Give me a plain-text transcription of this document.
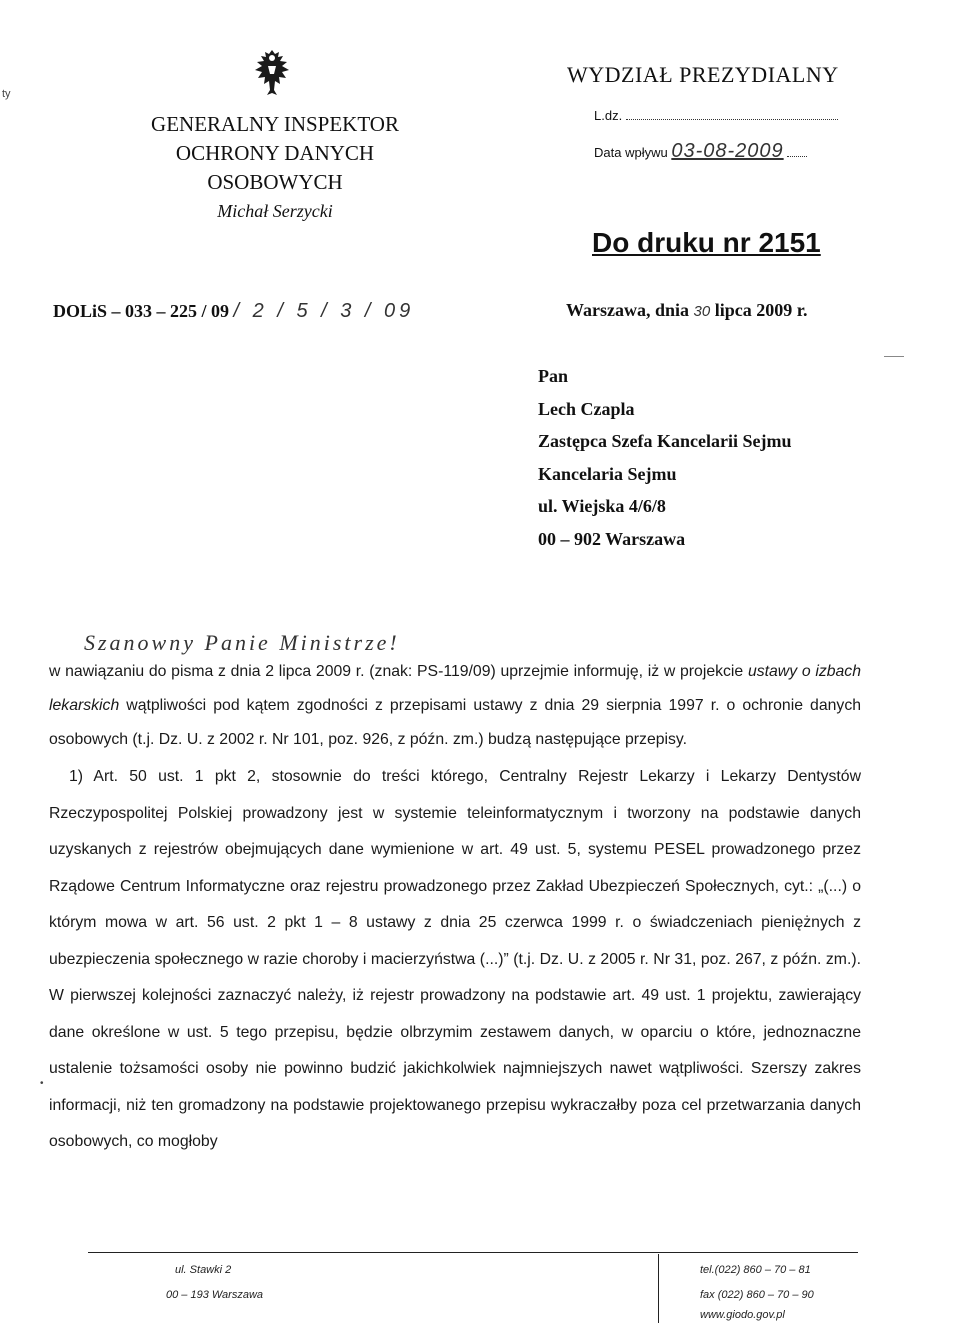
GENERALNY INSPEKTOR
OCHRONY DANYCH
OSOBOWYCH
Michał Serzycki
WYDZIAŁ PREZYDIALNY
L.dz.
Data wpływu 03-08-2009
Do druku nr 2151
DOLiS – 033 – 225 / 09 / 2 / 5 / 3 / 09	Warszawa, dnia 30 lipca 2009 r.
Pan
Lech Czapla
Zastępca Szefa Kancelarii Sejmu
Kancelaria Sejmu
ul. Wiejska 4/6/8
00 – 902 Warszawa
Szanowny Panie Ministrze!

w nawiązaniu do pisma z dnia 2 lipca 2009 r. (znak: PS-119/09) uprzejmie informuję, iż w projekcie ustawy o izbach lekarskich wątpliwości pod kątem zgodności z przepisami ustawy z dnia 29 sierpnia 1997 r. o ochronie danych osobowych (t.j. Dz. U. z 2002 r. Nr 101, poz. 926, z późn. zm.) budzą następujące przepisy.

1) Art. 50 ust. 1 pkt 2, stosownie do treści którego, Centralny Rejestr Lekarzy i Lekarzy Dentystów Rzeczypospolitej Polskiej prowadzony jest w systemie teleinformatycznym i tworzony na podstawie danych uzyskanych z rejestrów obejmujących dane wymienione w art. 49 ust. 5, systemu PESEL prowadzonego przez Rządowe Centrum Informatyczne oraz rejestru prowadzonego przez Zakład Ubezpieczeń Społecznych, cyt.: „(...) o którym mowa w art. 56 ust. 2 pkt 1 – 8 ustawy z dnia 25 czerwca 1999 r. o świadczeniach pieniężnych z ubezpieczenia społecznego w razie choroby i macierzyństwa (...)” (t.j. Dz. U. z 2005 r. Nr 31, poz. 267, z późn. zm.). W pierwszej kolejności zaznaczyć należy, iż rejestr prowadzony na podstawie art. 49 ust. 1 projektu, zawierający dane określone w ust. 5 tego przepisu, będzie olbrzymim zestawem danych, w oparciu o które, jednoznaczne ustalenie tożsamości osoby nie powinno budzić jakichkolwiek najmniejszych nawet wątpliwości. Szerszy zakres informacji, niż ten gromadzony na podstawie projektowanego przepisu wykraczałby poza cel przetwarzania danych osobowych, co mogłoby

ty
•
ul. Stawki 2
00 – 193 Warszawa
tel.(022) 860 – 70 – 81
fax (022) 860 – 70 – 90
www.giodo.gov.pl
